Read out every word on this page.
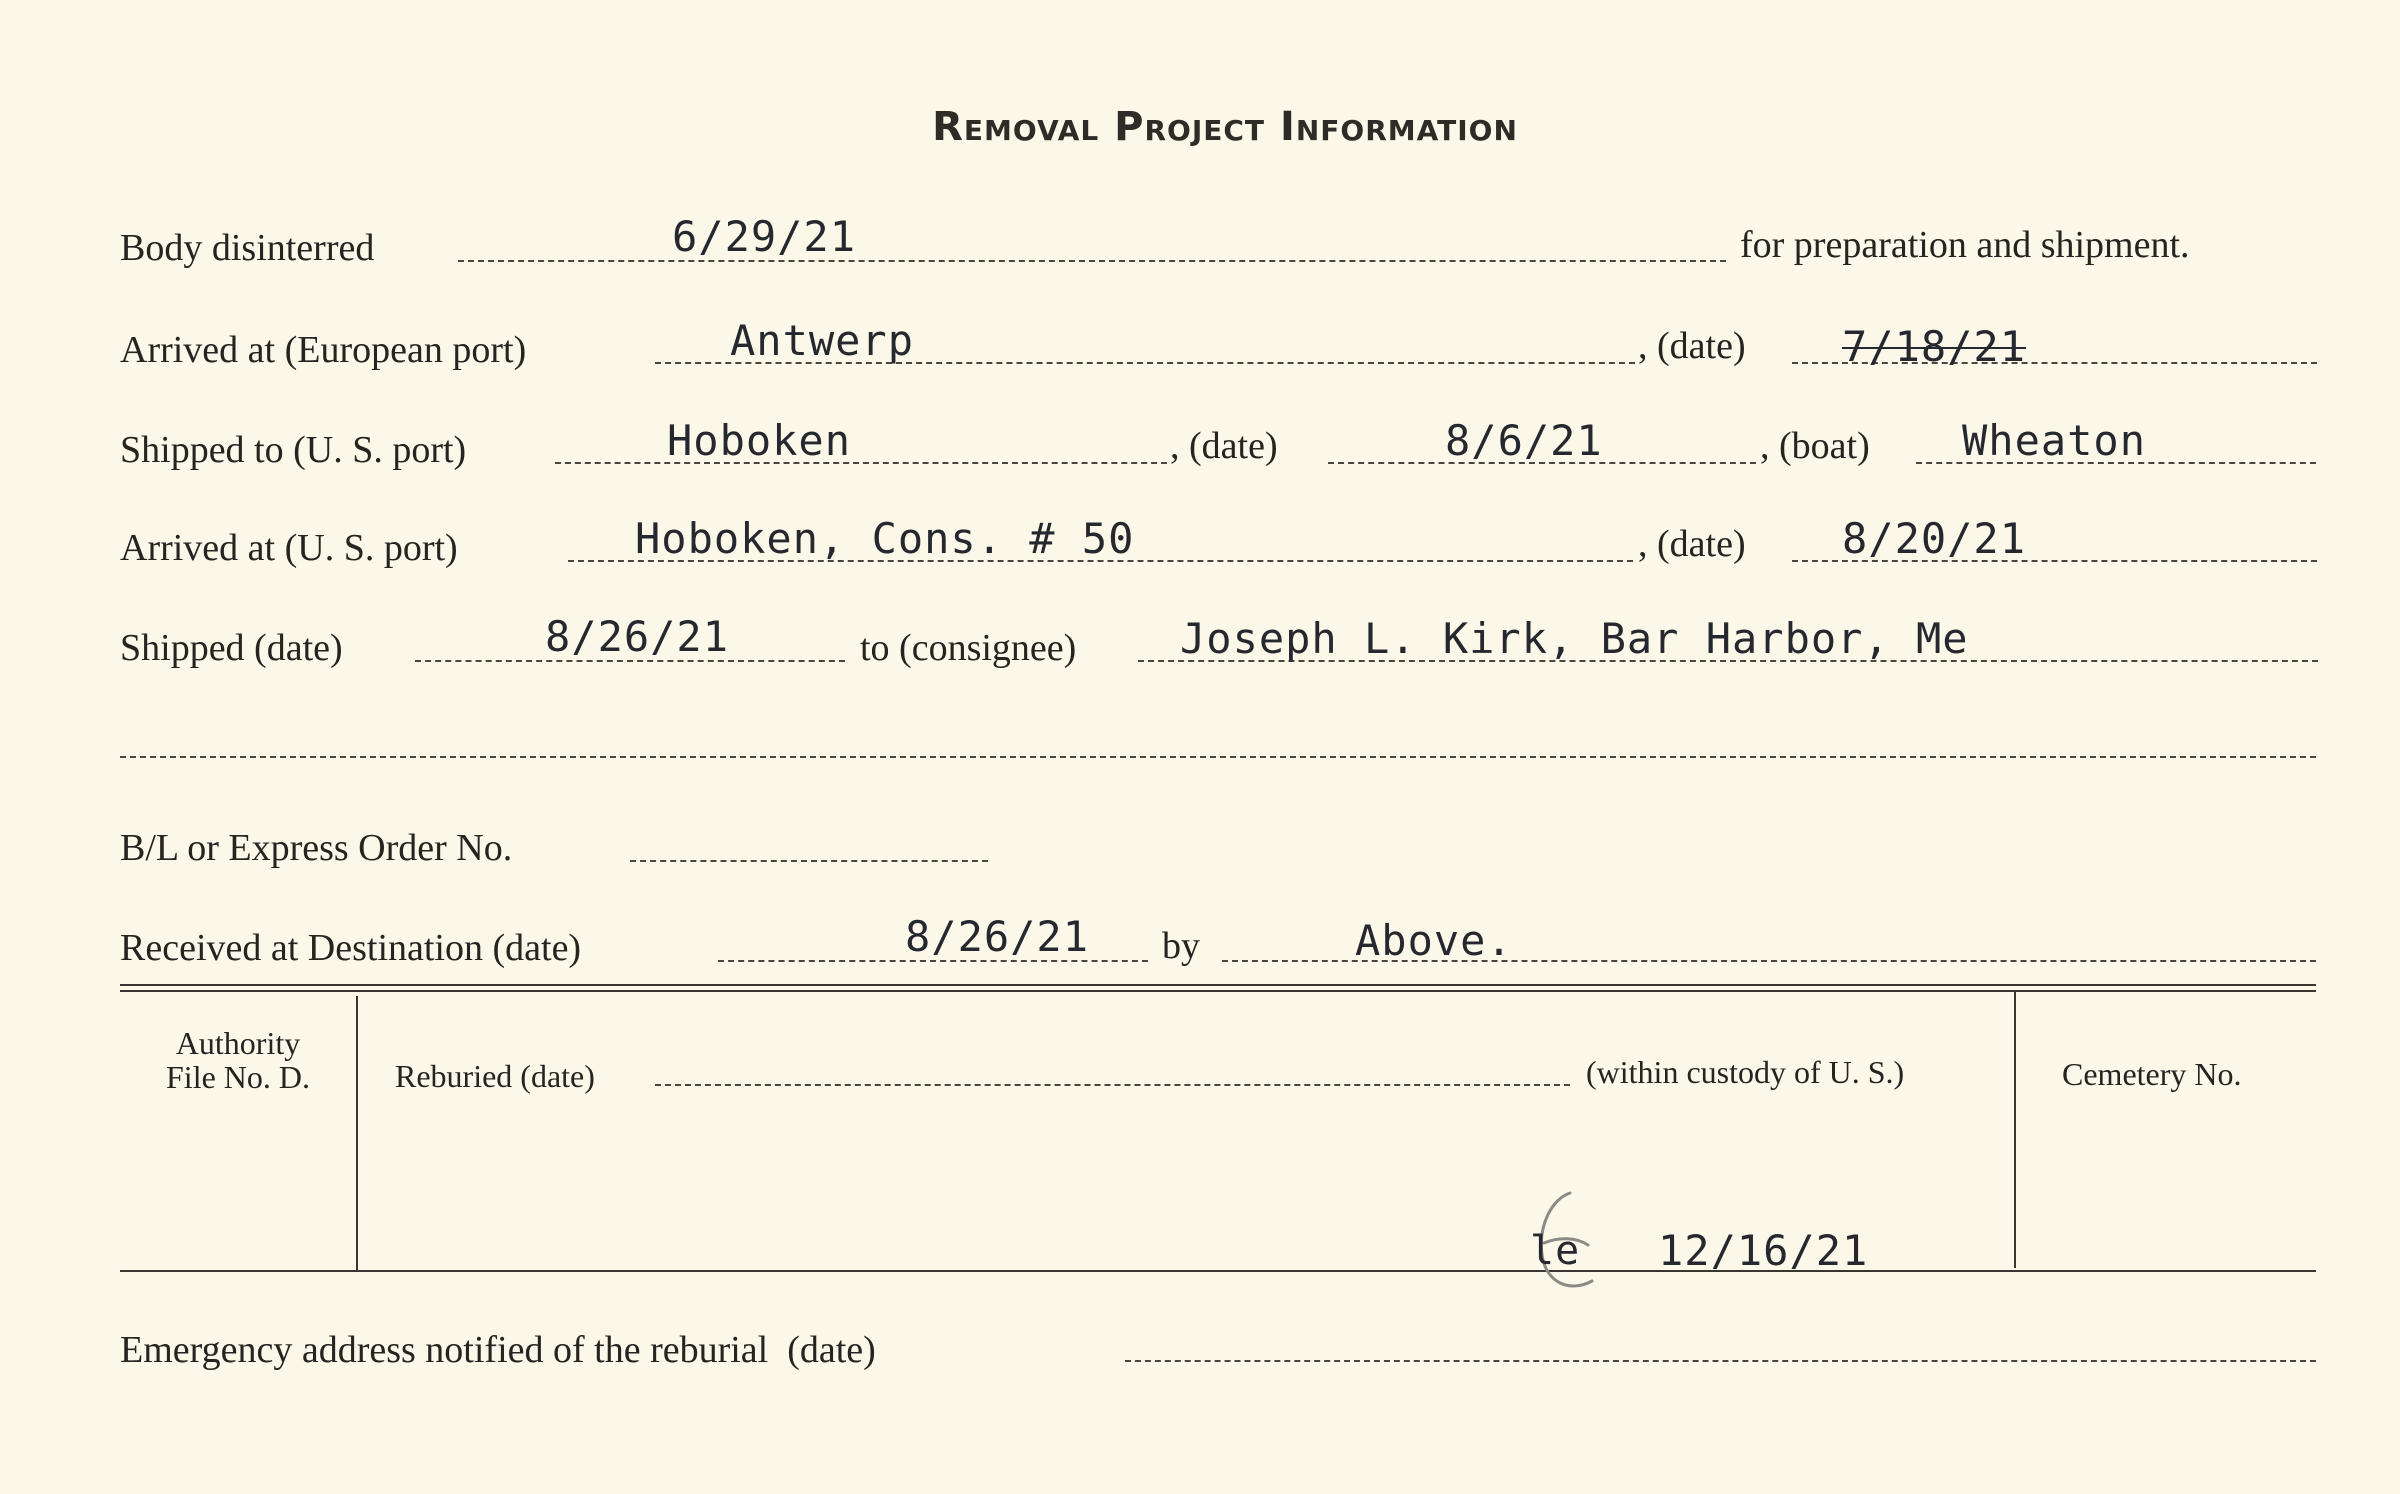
Removal Project Information
Body disinterred	6/29/21	for preparation and shipment.
Arrived at (European port)	Antwerp	, (date) 7/18/21
Shipped to (U. S. port)	Hoboken	, (date)	8/6/21	, (boat) Wheaton
Arrived at (U. S. port)	Hoboken, Cons. # 50	, (date) 8/20/21
Shipped (date)	8/26/21	to (consignee) Joseph L. Kirk, Bar Harbor, Me
B/L or Express Order No.
Received at Destination (date)	8/26/21 by	Above.
Authority
File No. D.	Reburied (date)	(within custody of U. S.)	Cemetery No.
le 12/16/21
Emergency address notified of the reburial  (date)
